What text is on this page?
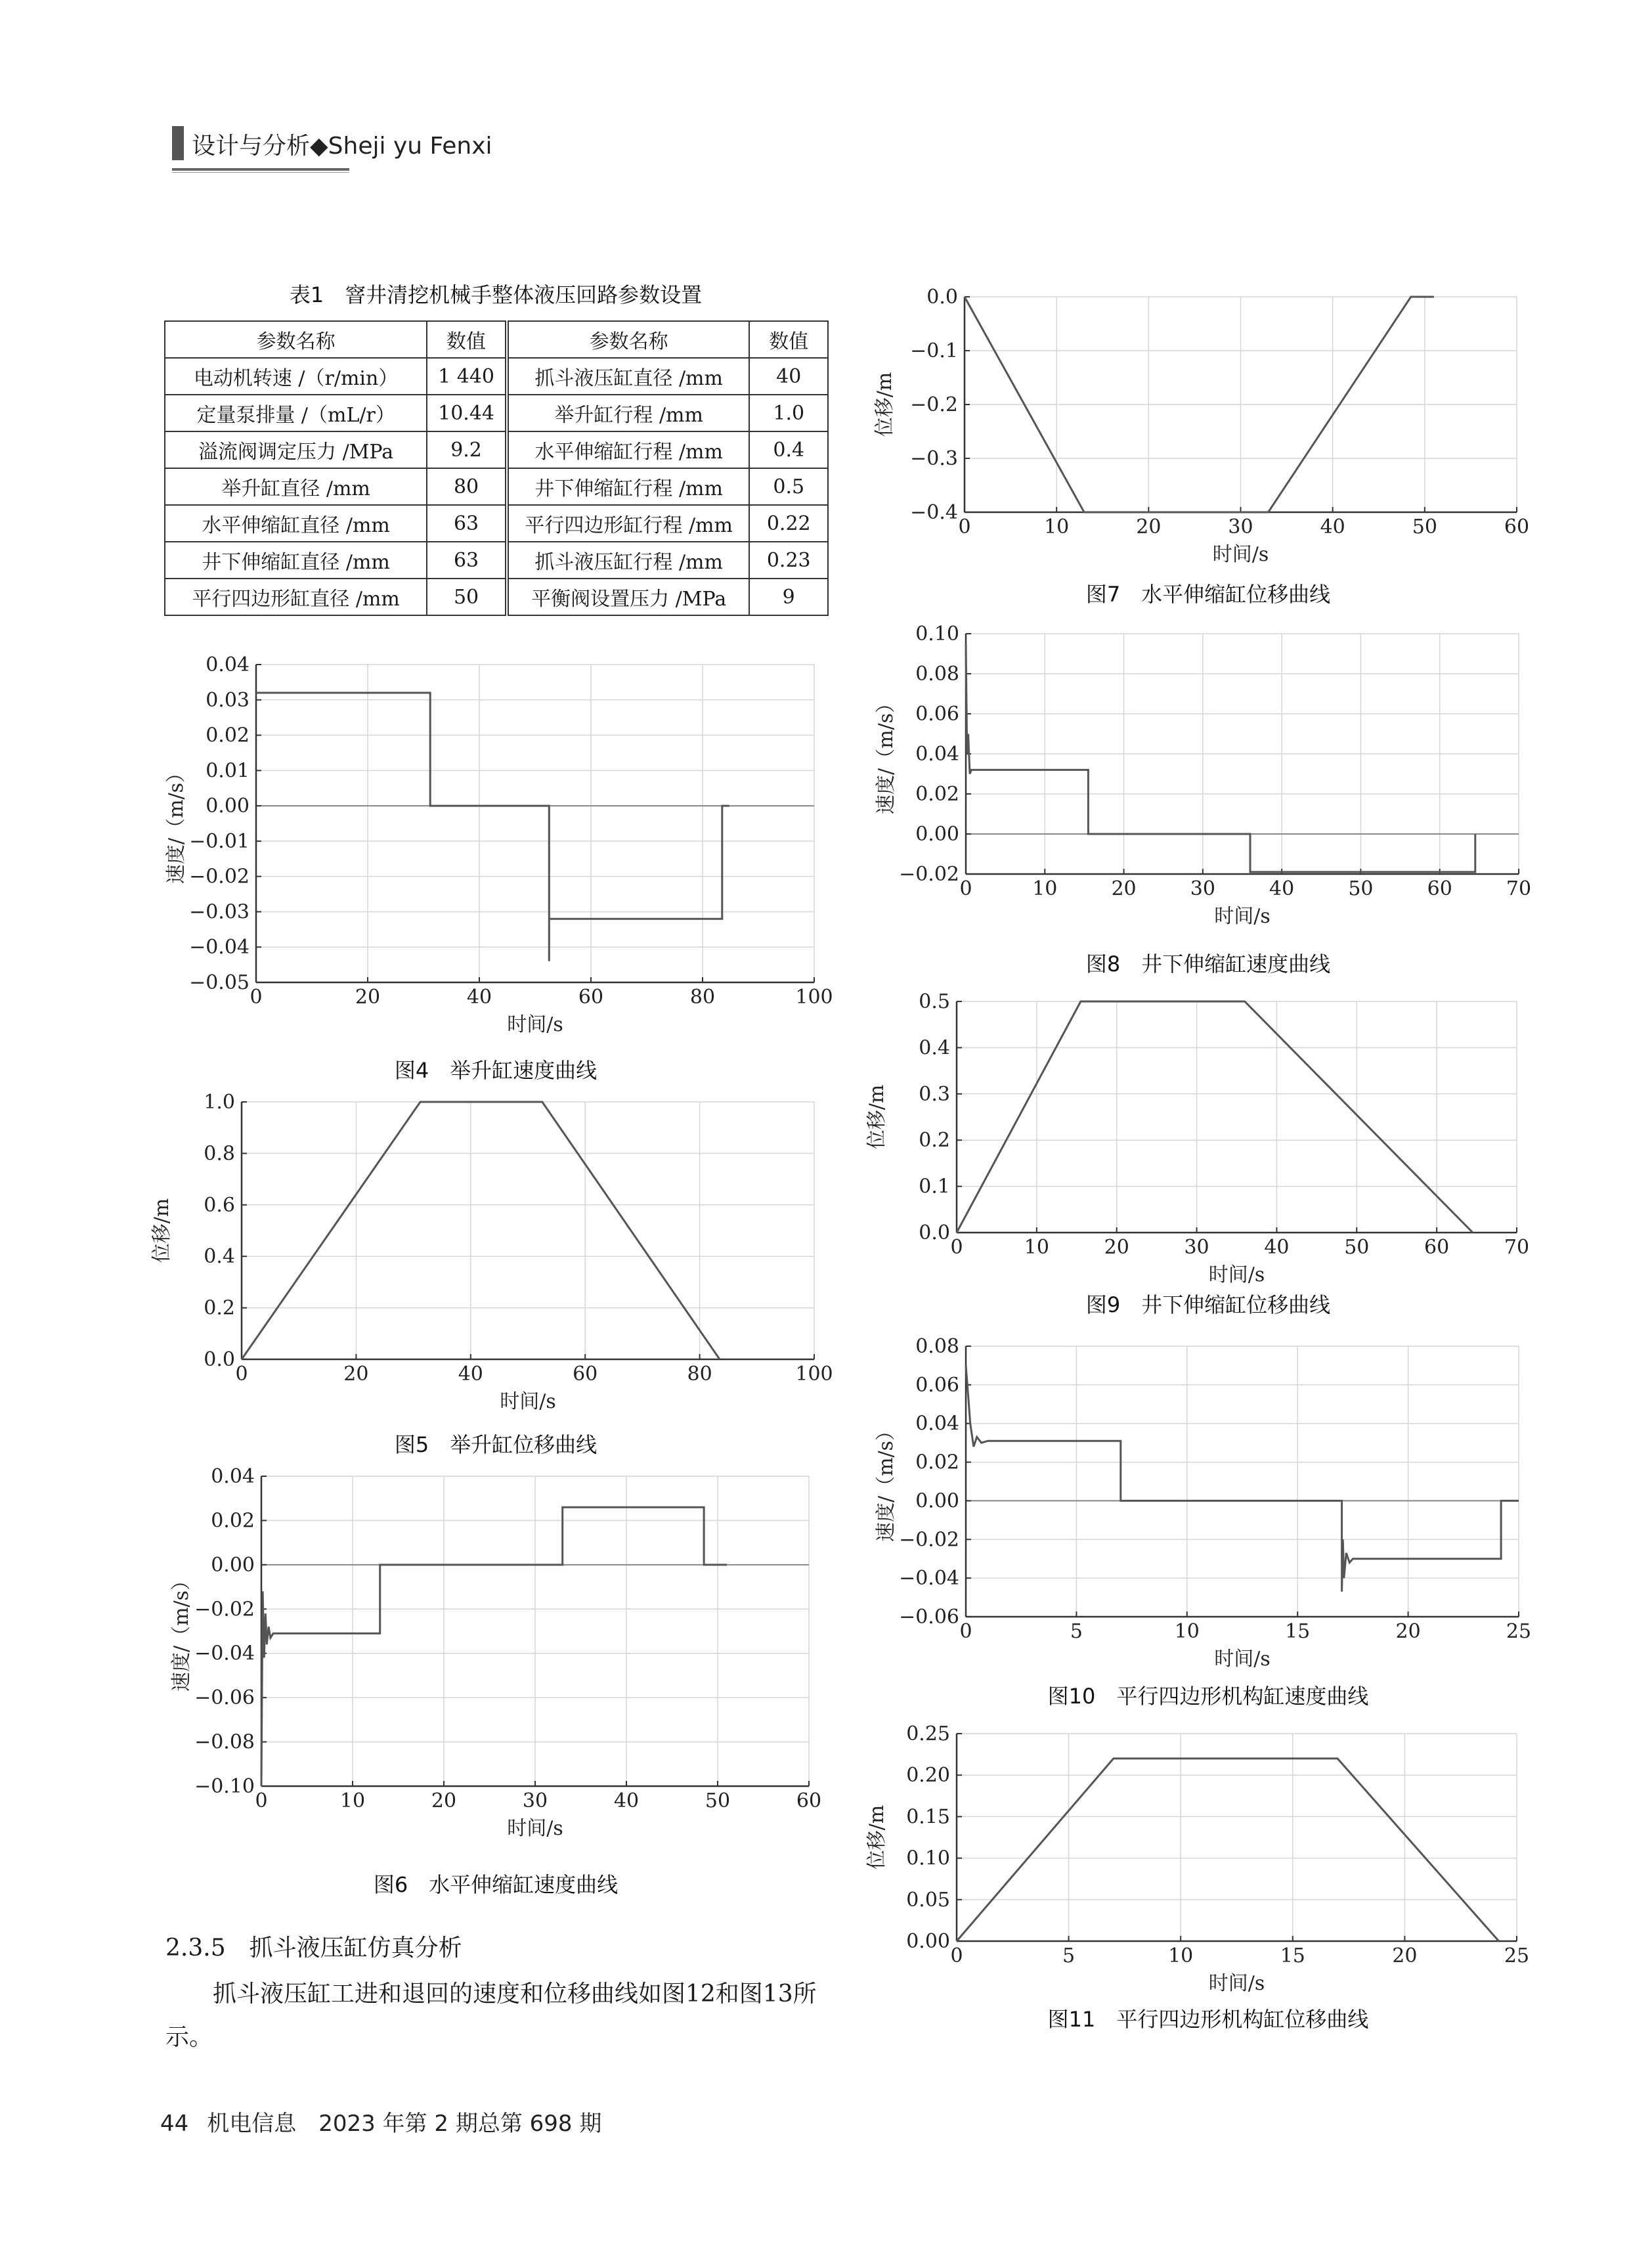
设计与分析◆Sheji yu Fenxi
表1　窨井清挖机械手整体液压回路参数设置
参数名称	数值	参数名称	数值
电动机转速 /（r/min）	1 440	抓斗液压缸直径 /mm	40
定量泵排量 /（mL/r）	10.44	举升缸行程 /mm	1.0
溢流阀调定压力 /MPa	9.2	水平伸缩缸行程 /mm	0.4
举升缸直径 /mm	80	井下伸缩缸行程 /mm	0.5
水平伸缩缸直径 /mm	63	平行四边形缸行程 /mm	0.22
井下伸缩缸直径 /mm	63	抓斗液压缸行程 /mm	0.23
平行四边形缸直径 /mm	50	平衡阀设置压力 /MPa	9
0	20	40	60	80	100
−0.05
−0.04
−0.03
−0.02
−0.01
0.00
0.01
0.02
0.03
0.04
时间/s
速度/（m/s）
图4　举升缸速度曲线
0	20	40	60	80	100
0.0
0.2
0.4
0.6
0.8
1.0
时间/s
位移/m
图5　举升缸位移曲线
0	10	20	30	40	50	60
−0.10
−0.08
−0.06
−0.04
−0.02
0.00
0.02
0.04
时间/s
速度/（m/s）
图6　水平伸缩缸速度曲线
0	10	20	30	40	50	60
−0.4
−0.3
−0.2
−0.1
0.0
时间/s
位移/m
图7　水平伸缩缸位移曲线
0	10	20	30	40	50	60	70
−0.02
0.00
0.02
0.04
0.06
0.08
0.10
时间/s
速度/（m/s）
图8　井下伸缩缸速度曲线
0	10	20	30	40	50	60	70
0.0
0.1
0.2
0.3
0.4
0.5
时间/s
位移/m
图9　井下伸缩缸位移曲线
0	5	10	15	20	25
−0.06
−0.04
−0.02
0.00
0.02
0.04
0.06
0.08
时间/s
速度/（m/s）
图10　平行四边形机构缸速度曲线
0	5	10	15	20	25
0.00
0.05
0.10
0.15
0.20
0.25
时间/s
位移/m
图11　平行四边形机构缸位移曲线
2.3.5　抓斗液压缸仿真分析
抓斗液压缸工进和退回的速度和位移曲线如图12和图13所示。
44 机电信息　2023 年第 2 期总第 698 期
